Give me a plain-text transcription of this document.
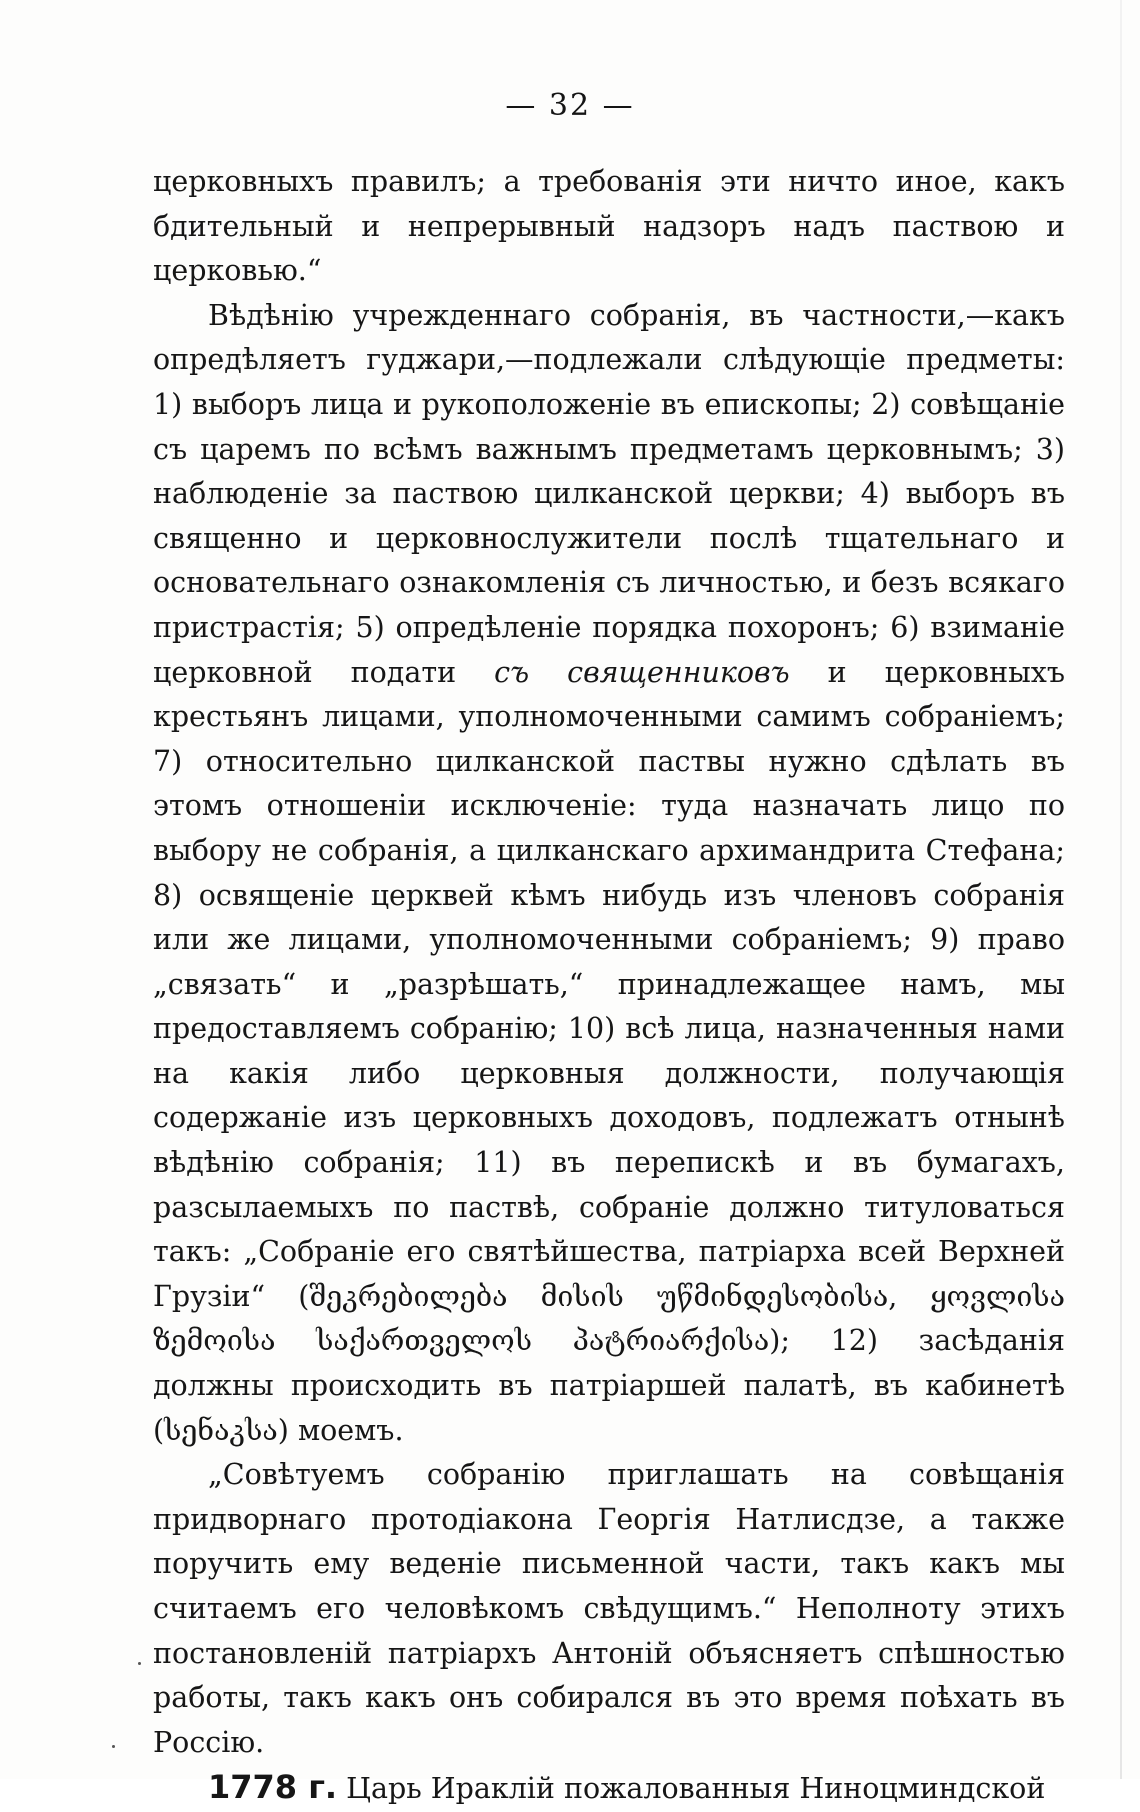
— 32 —

церковныхъ правилъ; а требованія эти ничто иное, какъ бдительный и непрерывный надзоръ надъ паствою и церковью.“

Вѣдѣнію учрежденнаго собранія, въ частности,—какъ опредѣляетъ гуджари,—подлежали слѣдующіе предметы: 1) выборъ лица и рукоположеніе въ епископы; 2) совѣщаніе съ царемъ по всѣмъ важнымъ предметамъ церковнымъ; 3) наблюденіе за паствою цилканской церкви; 4) выборъ въ священно и церковнослужители послѣ тщательнаго и основательнаго ознакомленія съ личностью, и безъ всякаго пристрастія; 5) опредѣленіе порядка похоронъ; 6) взиманіе церковной подати съ священниковъ и церковныхъ крестьянъ лицами, уполномоченными самимъ собраніемъ; 7) относительно цилканской паствы нужно сдѣлать въ этомъ отношеніи исключеніе: туда назначать лицо по выбору не собранія, а цилканскаго архимандрита Стефана; 8) освященіе церквей кѣмъ нибудь изъ членовъ собранія или же лицами, уполномоченными собраніемъ; 9) право „связать“ и „разрѣшать,“ принадлежащее намъ, мы предоставляемъ собранію; 10) всѣ лица, назначенныя нами на какія либо церковныя должности, получающія содержаніе изъ церковныхъ доходовъ, подлежатъ отнынѣ вѣдѣнію собранія; 11) въ перепискѣ и въ бумагахъ, разсылаемыхъ по паствѣ, собраніе должно титуловаться такъ: „Собраніе его святѣйшества, патріарха всей Верхней Грузіи“ (შეკრებილება მისის უწმინდესობისა, ყოვლისა ზემოისა საქართველოს პატრიარქისა); 12) засѣданія должны происходить въ патріаршей палатѣ, въ кабинетѣ (სენაკსა) моемъ.

„Совѣтуемъ собранію приглашать на совѣщанія придворнаго протодіакона Георгія Натлисдзе, а также поручить ему веденіе письменной части, такъ какъ мы считаемъ его человѣкомъ свѣдущимъ.“ Неполноту этихъ постановленій патріархъ Антоній объясняетъ спѣшностью работы, такъ какъ онъ собирался въ это время поѣхать въ Россію.

1778 г. Царь Ираклій пожалованныя Ниноцминдской
